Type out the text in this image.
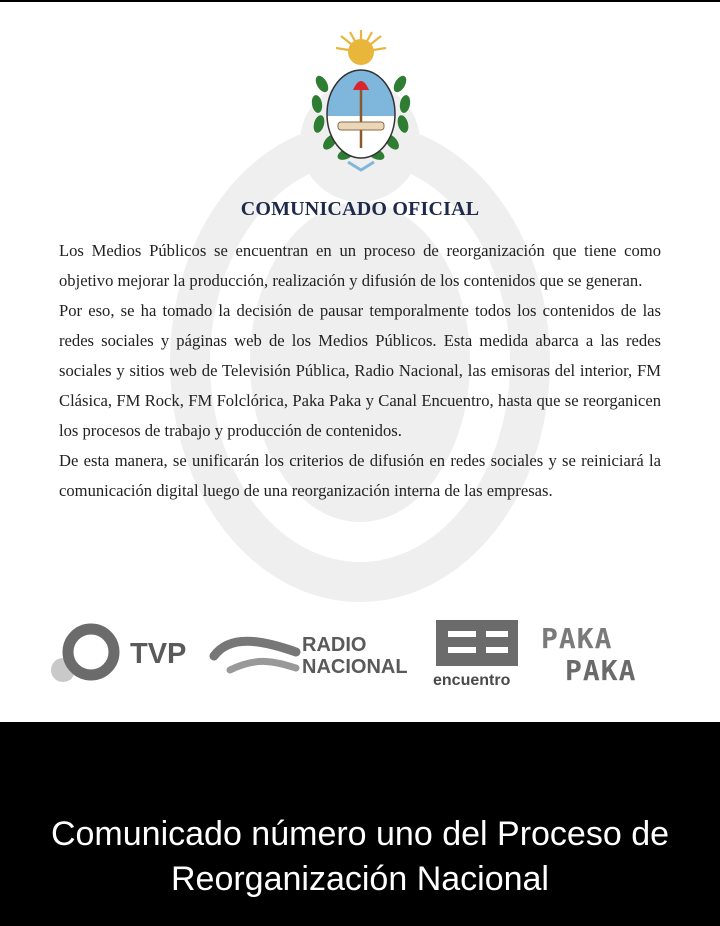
COMUNICADO OFICIAL

Los Medios Públicos se encuentran en un proceso de reorganización que tiene como objetivo mejorar la producción, realización y difusión de los contenidos que se generan.

Por eso, se ha tomado la decisión de pausar temporalmente todos los contenidos de las redes sociales y páginas web de los Medios Públicos. Esta medida abarca a las redes sociales y sitios web de Televisión Pública, Radio Nacional, las emisoras del interior, FM Clásica, FM Rock, FM Folclórica, Paka Paka y Canal Encuentro, hasta que se reorganicen los procesos de trabajo y producción de contenidos.

De esta manera, se unificarán los criterios de difusión en redes sociales y se reiniciará la comunicación digital luego de una reorganización interna de las empresas.

TVP	RADIO
NACIONAL
encuentro
PAKA
PAKA
Comunicado número uno del Proceso de
Reorganización Nacional
